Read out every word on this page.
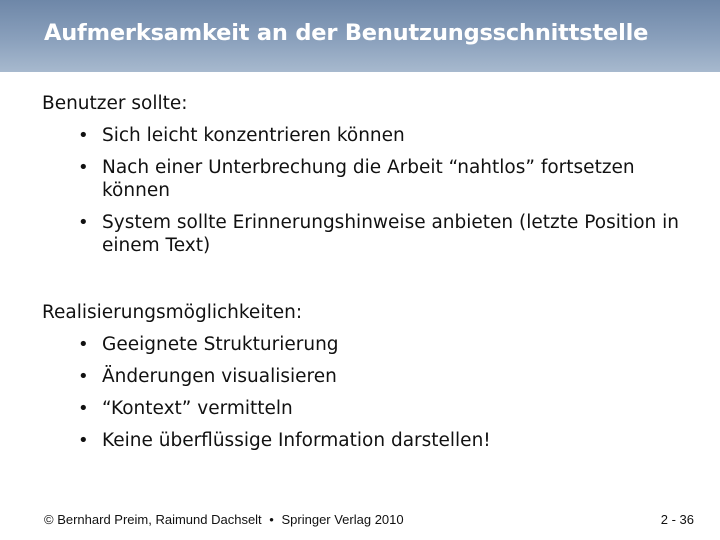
Aufmerksamkeit an der Benutzungsschnittstelle

Benutzer sollte:

• Sich leicht konzentrieren können
• Nach einer Unterbrechung die Arbeit “nahtlos” fortsetzen können
• System sollte Erinnerungshinweise anbieten (letzte Position in einem Text)

Realisierungsmöglichkeiten:

• Geeignete Strukturierung
• Änderungen visualisieren
• “Kontext” vermitteln
• Keine überflüssige Information darstellen!
© Bernhard Preim, Raimund Dachselt • Springer Verlag 2010	2 - 36
